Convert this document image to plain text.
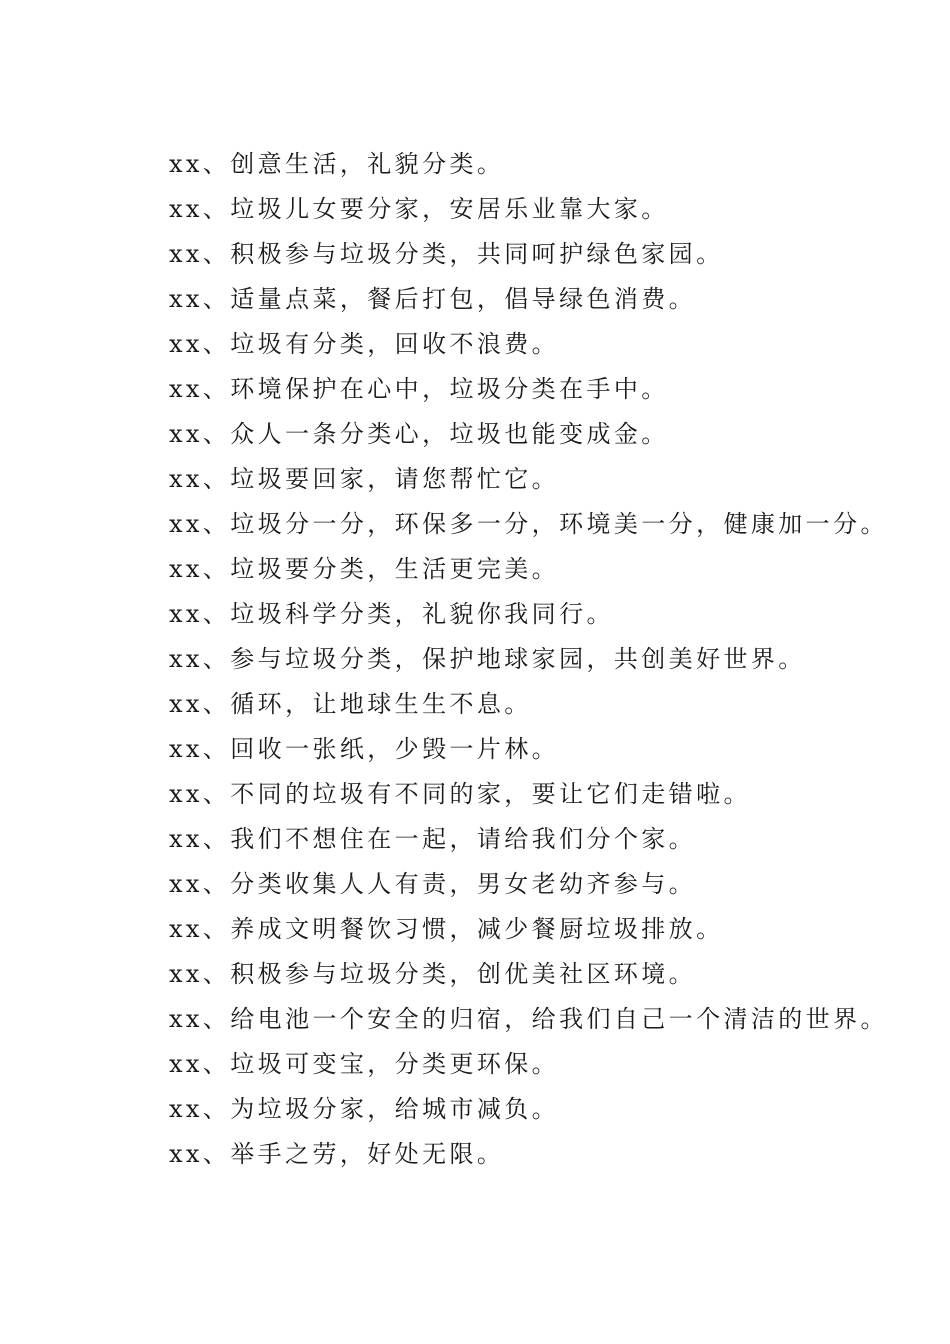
xx、创意生活，礼貌分类。
xx、垃圾儿女要分家，安居乐业靠大家。
xx、积极参与垃圾分类，共同呵护绿色家园。
xx、适量点菜，餐后打包，倡导绿色消费。
xx、垃圾有分类，回收不浪费。
xx、环境保护在心中，垃圾分类在手中。
xx、众人一条分类心，垃圾也能变成金。
xx、垃圾要回家，请您帮忙它。
xx、垃圾分一分，环保多一分，环境美一分，健康加一分。
xx、垃圾要分类，生活更完美。
xx、垃圾科学分类，礼貌你我同行。
xx、参与垃圾分类，保护地球家园，共创美好世界。
xx、循环，让地球生生不息。
xx、回收一张纸，少毁一片林。
xx、不同的垃圾有不同的家，要让它们走错啦。
xx、我们不想住在一起，请给我们分个家。
xx、分类收集人人有责，男女老幼齐参与。
xx、养成文明餐饮习惯，减少餐厨垃圾排放。
xx、积极参与垃圾分类，创优美社区环境。
xx、给电池一个安全的归宿，给我们自己一个清洁的世界。
xx、垃圾可变宝，分类更环保。
xx、为垃圾分家，给城市减负。
xx、举手之劳，好处无限。
